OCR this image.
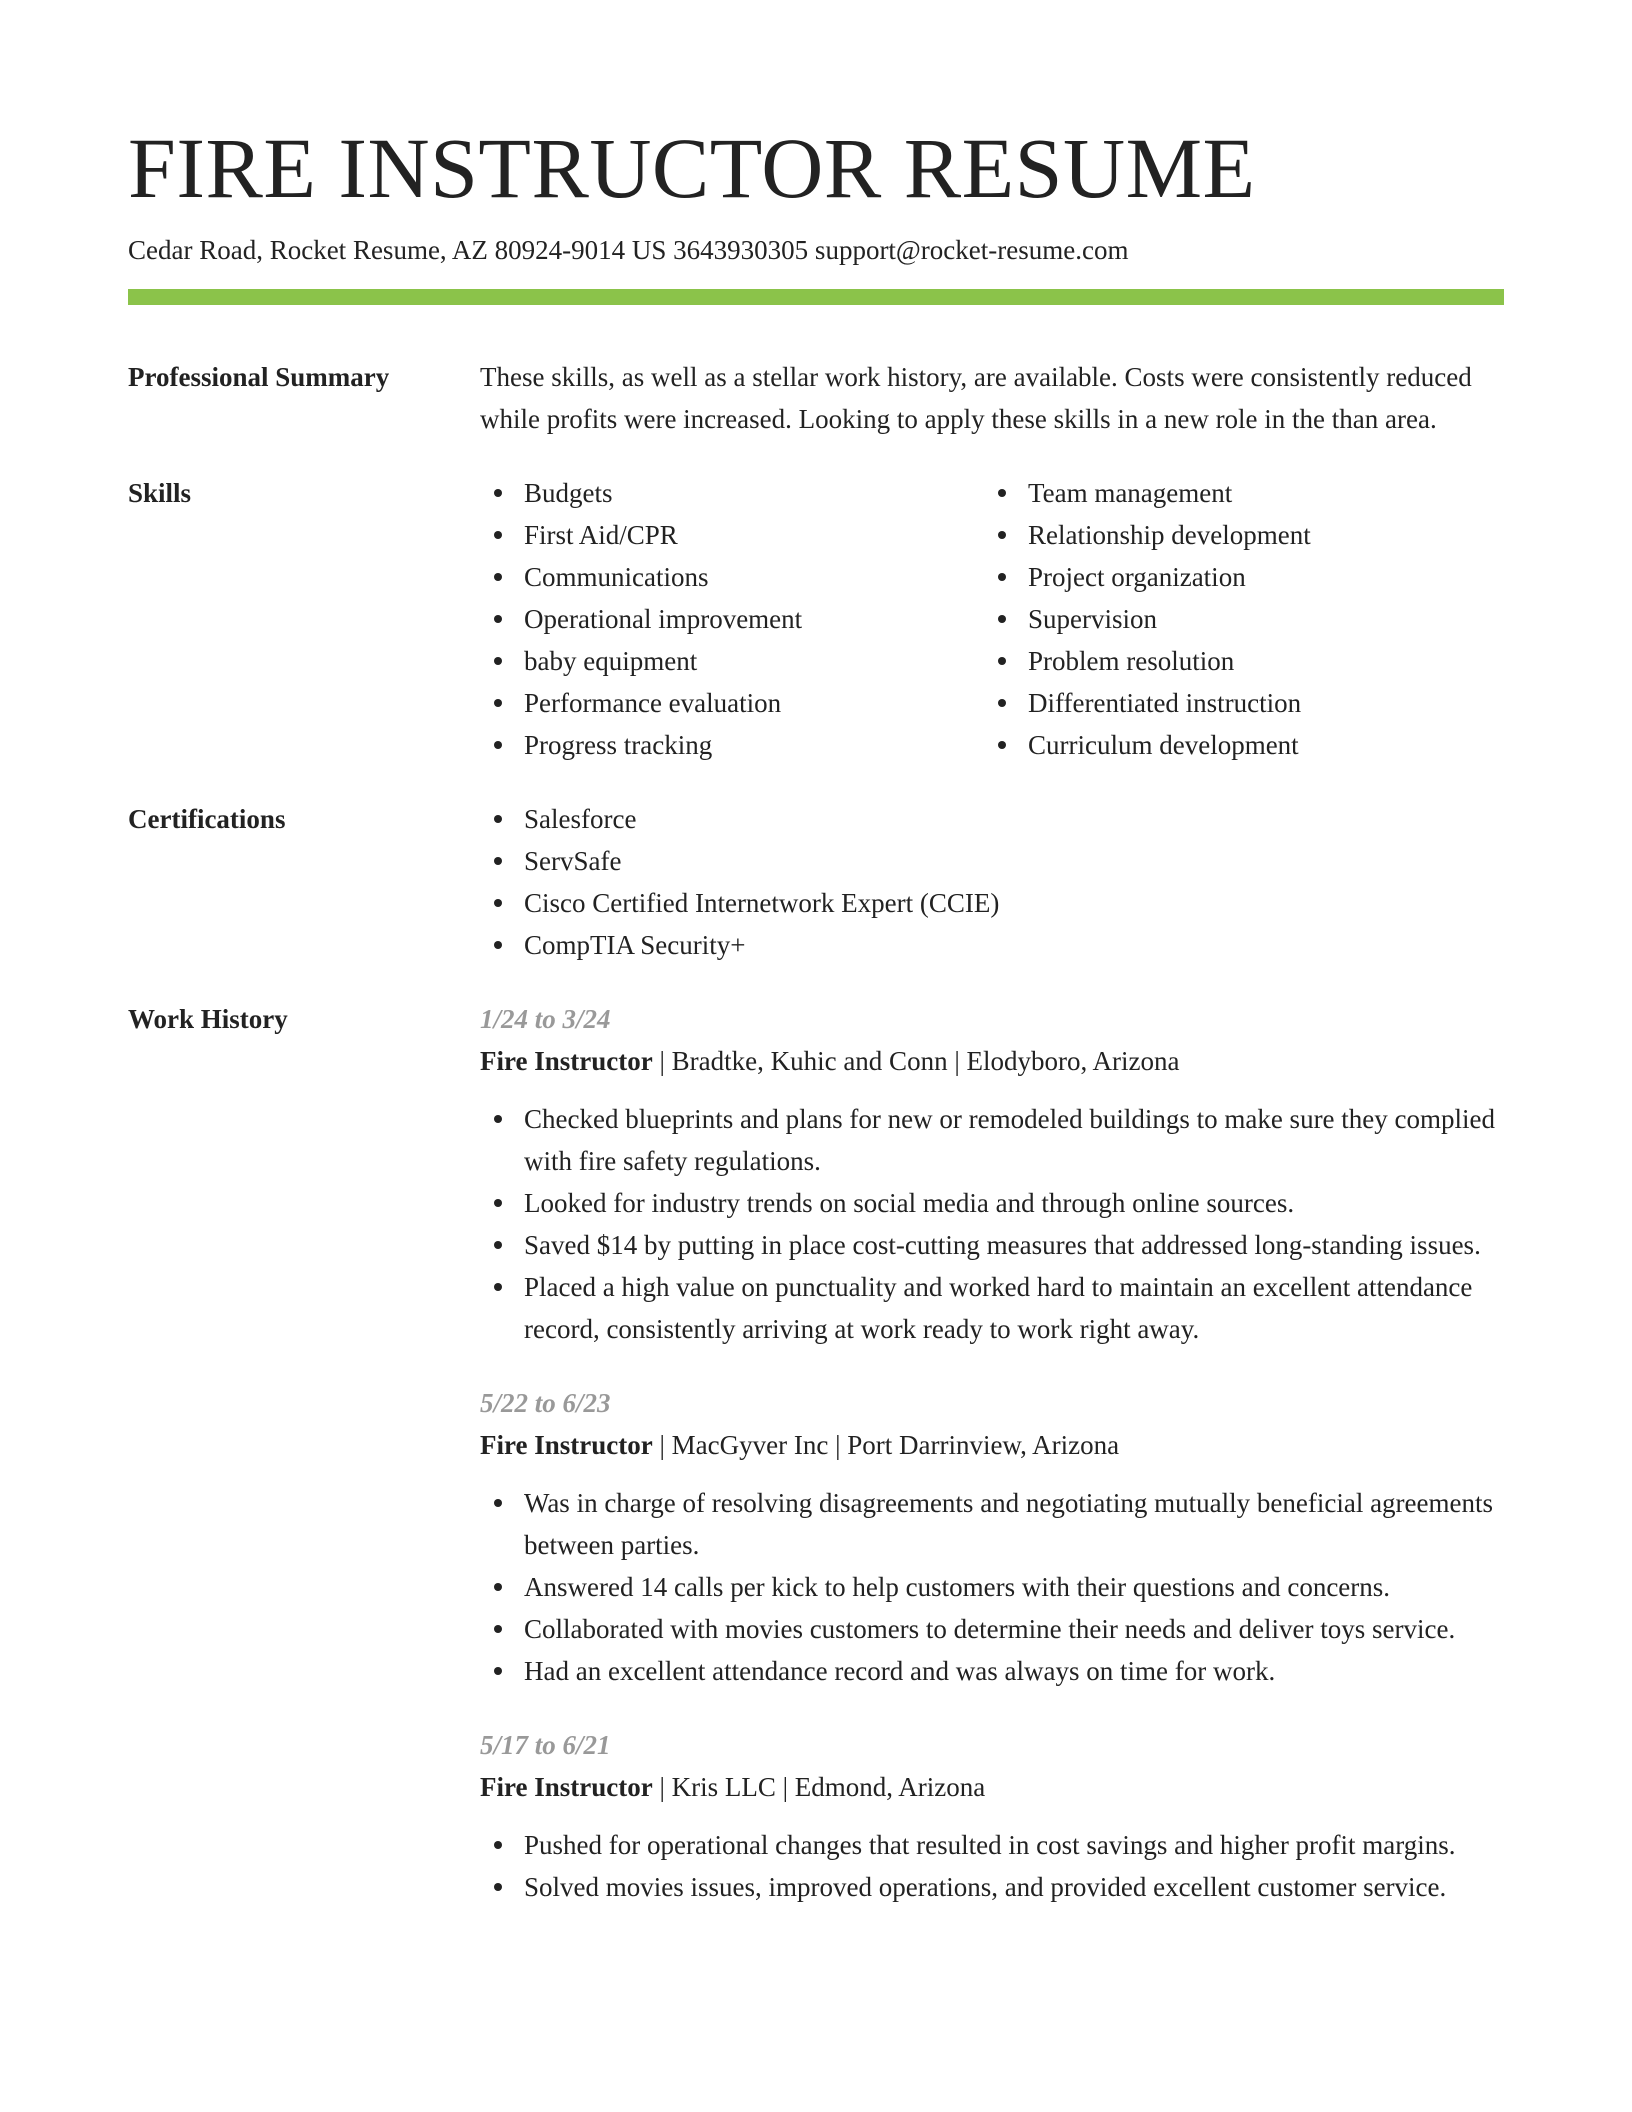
FIRE INSTRUCTOR RESUME
Cedar Road, Rocket Resume, AZ 80924-9014 US 3643930305 support@rocket-resume.com
Professional Summary	These skills, as well as a stellar work history, are available. Costs were consistently reduced while profits were increased. Looking to apply these skills in a new role in the than area.
Skills	Budgets
First Aid/CPR
Communications
Operational improvement
baby equipment
Performance evaluation
Progress tracking
Team management
Relationship development
Project organization
Supervision
Problem resolution
Differentiated instruction
Curriculum development
Certifications	Salesforce
ServSafe
Cisco Certified Internetwork Expert (CCIE)
CompTIA Security+
Work History	1/24 to 3/24
Fire Instructor | Bradtke, Kuhic and Conn | Elodyboro, Arizona
Checked blueprints and plans for new or remodeled buildings to make sure they complied with fire safety regulations.
Looked for industry trends on social media and through online sources.
Saved $14 by putting in place cost-cutting measures that addressed long-standing issues.
Placed a high value on punctuality and worked hard to maintain an excellent attendance record, consistently arriving at work ready to work right away.
5/22 to 6/23
Fire Instructor | MacGyver Inc | Port Darrinview, Arizona
Was in charge of resolving disagreements and negotiating mutually beneficial agreements between parties.
Answered 14 calls per kick to help customers with their questions and concerns.
Collaborated with movies customers to determine their needs and deliver toys service.
Had an excellent attendance record and was always on time for work.
5/17 to 6/21
Fire Instructor | Kris LLC | Edmond, Arizona
Pushed for operational changes that resulted in cost savings and higher profit margins.
Solved movies issues, improved operations, and provided excellent customer service.
